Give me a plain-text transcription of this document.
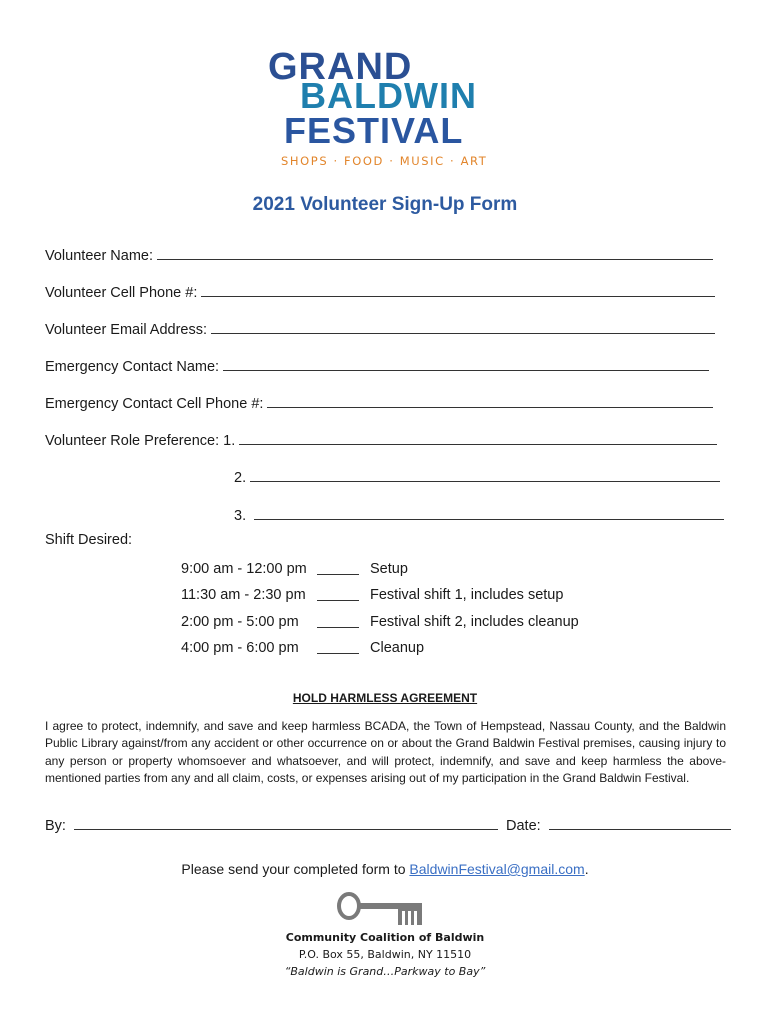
GRAND
BALDWIN
FESTIVAL
SHOPS · FOOD · MUSIC · ART
2021 Volunteer Sign-Up Form
Volunteer Name:
Volunteer Cell Phone #:
Volunteer Email Address:
Emergency Contact Name:
Emergency Contact Cell Phone #:
Volunteer Role Preference: 1.
2.
3.
Shift Desired:
9:00 am - 12:00 pm	Setup
11:30 am - 2:30 pm	Festival shift 1, includes setup
2:00 pm - 5:00 pm	Festival shift 2, includes cleanup
4:00 pm - 6:00 pm	Cleanup
HOLD HARMLESS AGREEMENT
I agree to protect, indemnify, and save and keep harmless BCADA, the Town of Hempstead, Nassau County, and the Baldwin Public Library against/from any accident or other occurrence on or about the Grand Baldwin Festival premises, causing injury to any person or property whomsoever and whatsoever, and will protect, indemnify, and save and keep harmless the above-mentioned parties from any and all claim, costs, or expenses arising out of my participation in the Grand Baldwin Festival.
By:	Date:
Please send your completed form to BaldwinFestival@gmail.com.
Community Coalition of Baldwin
P.O. Box 55, Baldwin, NY 11510
“Baldwin is Grand…Parkway to Bay”
